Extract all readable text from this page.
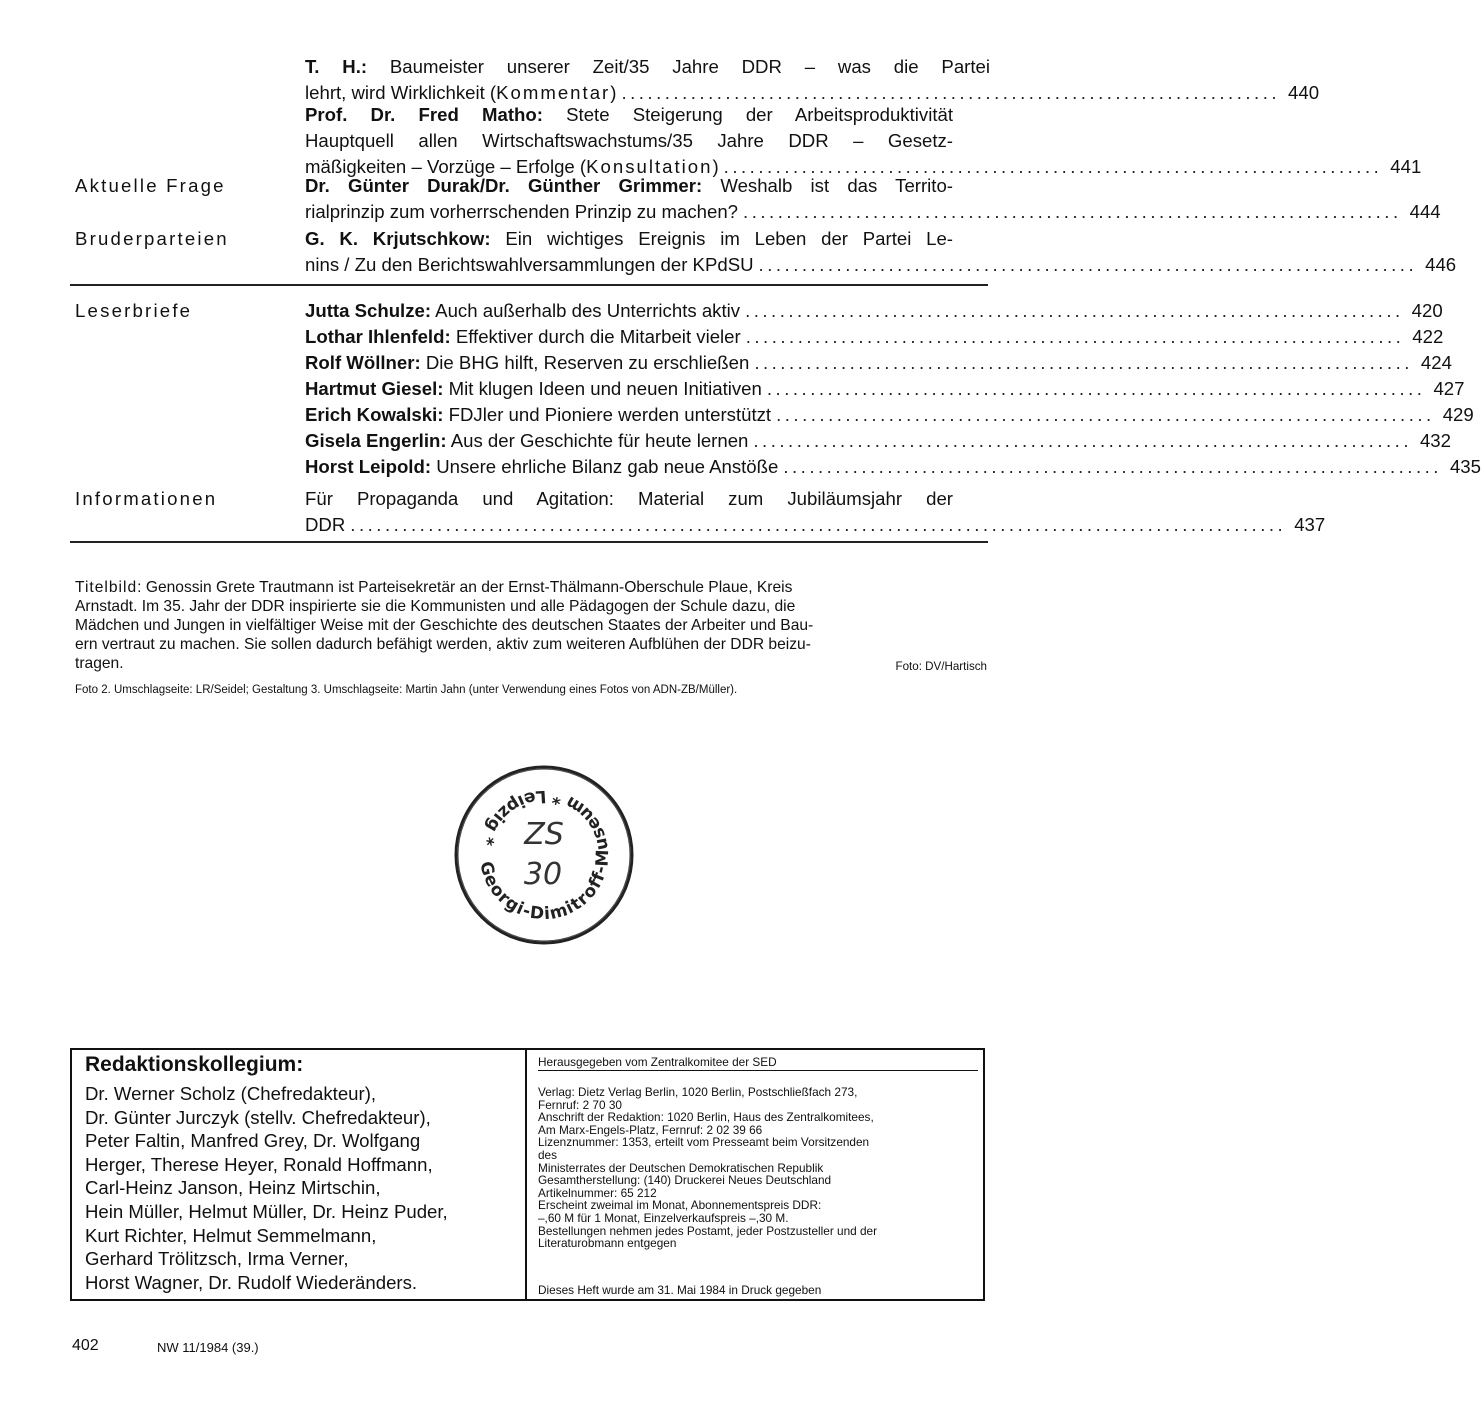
T. H.: Baumeister unserer Zeit/35 Jahre DDR – was die Partei
lehrt, wird Wirklichkeit (Kommentar) ............................................................................ 440
Prof. Dr. Fred Matho: Stete Steigerung der Arbeitsproduktivität
Hauptquell allen Wirtschaftswachstums/35 Jahre DDR – Gesetz-
mäßigkeiten – Vorzüge – Erfolge (Konsultation) ............................................................................ 441
Aktuelle Frage	Dr. Günter Durak/Dr. Günther Grimmer: Weshalb ist das Territo-
rialprinzip zum vorherrschenden Prinzip zu machen? ............................................................................ 444
Bruderparteien	G. K. Krjutschkow: Ein wichtiges Ereignis im Leben der Partei Le-
nins / Zu den Berichtswahlversammlungen der KPdSU ............................................................................ 446
Leserbriefe	Jutta Schulze: Auch außerhalb des Unterrichts aktiv ............................................................................ 420
Lothar Ihlenfeld: Effektiver durch die Mitarbeit vieler ............................................................................ 422
Rolf Wöllner: Die BHG hilft, Reserven zu erschließen ............................................................................ 424
Hartmut Giesel: Mit klugen Ideen und neuen Initiativen ............................................................................ 427
Erich Kowalski: FDJler und Pioniere werden unterstützt ............................................................................ 429
Gisela Engerlin: Aus der Geschichte für heute lernen ............................................................................ 432
Horst Leipold: Unsere ehrliche Bilanz gab neue Anstöße ............................................................................ 435
Informationen	Für Propaganda und Agitation: Material zum Jubiläumsjahr der
DDR ............................................................................................................ 437
Titelbild: Genossin Grete Trautmann ist Parteisekretär an der Ernst-Thälmann-Oberschule Plaue, Kreis
Arnstadt. Im 35. Jahr der DDR inspirierte sie die Kommunisten und alle Pädagogen der Schule dazu, die
Mädchen und Jungen in vielfältiger Weise mit der Geschichte des deutschen Staates der Arbeiter und Bau-
ern vertraut zu machen. Sie sollen dadurch befähigt werden, aktiv zum weiteren Aufblühen der DDR beizu-
tragen.	Foto: DV/Hartisch
Foto 2. Umschlagseite: LR/Seidel; Gestaltung 3. Umschlagseite: Martin Jahn (unter Verwendung eines Fotos von ADN-ZB/Müller).
Georgi-Dimitroff-Museum * Leipzig * ZS
30
Redaktionskollegium:
Dr. Werner Scholz (Chefredakteur),
Dr. Günter Jurczyk (stellv. Chefredakteur),
Peter Faltin, Manfred Grey, Dr. Wolfgang
Herger, Therese Heyer, Ronald Hoffmann,
Carl-Heinz Janson, Heinz Mirtschin,
Hein Müller, Helmut Müller, Dr. Heinz Puder,
Kurt Richter, Helmut Semmelmann,
Gerhard Trölitzsch, Irma Verner,
Horst Wagner, Dr. Rudolf Wiederänders.
Herausgegeben vom Zentralkomitee der SED
Verlag: Dietz Verlag Berlin, 1020 Berlin, Postschließfach 273,
Fernruf: 2 70 30
Anschrift der Redaktion: 1020 Berlin, Haus des Zentralkomitees,
Am Marx-Engels-Platz, Fernruf: 2 02 39 66
Lizenznummer: 1353, erteilt vom Presseamt beim Vorsitzenden
des
Ministerrates der Deutschen Demokratischen Republik
Gesamtherstellung: (140) Druckerei Neues Deutschland
Artikelnummer: 65 212
Erscheint zweimal im Monat, Abonnementspreis DDR:
–,60 M für 1 Monat, Einzelverkaufspreis –,30 M.
Bestellungen nehmen jedes Postamt, jeder Postzusteller und der
Literaturobmann entgegen
Dieses Heft wurde am 31. Mai 1984 in Druck gegeben
402	NW 11/1984 (39.)
